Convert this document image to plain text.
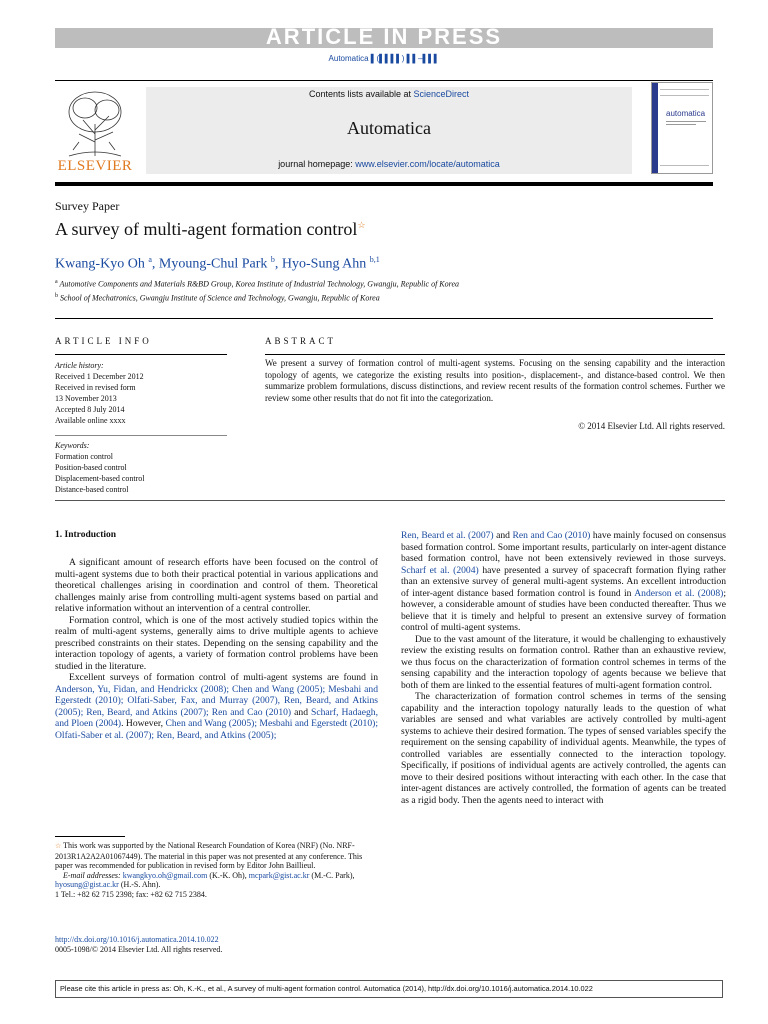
ARTICLE IN PRESS
Automatica ▌(▌▌▌▌) ▌▌–▌▌▌
ELSEVIER
Contents lists available at ScienceDirect
Automatica
journal homepage: www.elsevier.com/locate/automatica
automatica
Survey Paper
A survey of multi-agent formation control☆
Kwang-Kyo Oh $^a$, Myoung-Chul Park $^b$, Hyo-Sung Ahn $^{b,1}$
$^a$ Automotive Components and Materials R&BD Group, Korea Institute of Industrial Technology, Gwangju, Republic of Korea
$^b$ School of Mechatronics, Gwangju Institute of Science and Technology, Gwangju, Republic of Korea
ARTICLE INFO
Article history:
Received 1 December 2012
Received in revised form
13 November 2013
Accepted 8 July 2014
Available online xxxx
Keywords:
Formation control
Position-based control
Displacement-based control
Distance-based control
ABSTRACT
We present a survey of formation control of multi-agent systems. Focusing on the sensing capability and the interaction topology of agents, we categorize the existing results into position-, displacement-, and distance-based control. We then summarize problem formulations, discuss distinctions, and review recent results of the formation control schemes. Further we review some other results that do not fit into the categorization.
© 2014 Elsevier Ltd. All rights reserved.
1. Introduction

A significant amount of research efforts have been focused on the control of multi-agent systems due to both their practical potential in various applications and theoretical challenges arising in coordination and control of them. Theoretical challenges mainly arise from controlling multi-agent systems based on partial and relative information without an intervention of a central controller.

Formation control, which is one of the most actively studied topics within the realm of multi-agent systems, generally aims to drive multiple agents to achieve prescribed constraints on their states. Depending on the sensing capability and the interaction topology of agents, a variety of formation control problems have been studied in the literature.

Excellent surveys of formation control of multi-agent systems are found in Anderson, Yu, Fidan, and Hendrickx (2008); Chen and Wang (2005); Mesbahi and Egerstedt (2010); Olfati-Saber, Fax, and Murray (2007), Ren, Beard, and Atkins (2005); Ren, Beard, and Atkins (2007); Ren and Cao (2010) and Scharf, Hadaegh, and Ploen (2004). However, Chen and Wang (2005); Mesbahi and Egerstedt (2010); Olfati-Saber et al. (2007); Ren, Beard, and Atkins (2005);

☆ This work was supported by the National Research Foundation of Korea (NRF) (No. NRF-2013R1A2A2A01067449). The material in this paper was not presented at any conference. This paper was recommended for publication in revised form by Editor John Baillieul.
E-mail addresses: kwangkyo.oh@gmail.com (K.-K. Oh), mcpark@gist.ac.kr (M.-C. Park), hyosung@gist.ac.kr (H.-S. Ahn).
1 Tel.: +82 62 715 2398; fax: +82 62 715 2384.
http://dx.doi.org/10.1016/j.automatica.2014.10.022
0005-1098/© 2014 Elsevier Ltd. All rights reserved.

Ren, Beard et al. (2007) and Ren and Cao (2010) have mainly focused on consensus based formation control. Some important results, particularly on inter-agent distance based formation control, have not been extensively reviewed in those surveys. Scharf et al. (2004) have presented a survey of spacecraft formation flying rather than an extensive survey of general multi-agent systems. An excellent introduction of inter-agent distance based formation control is found in Anderson et al. (2008); however, a considerable amount of studies have been conducted thereafter. Thus we believe that it is timely and helpful to present an extensive survey of formation control of multi-agent systems.

Due to the vast amount of the literature, it would be challenging to exhaustively review the existing results on formation control. Rather than an exhaustive review, we thus focus on the characterization of formation control schemes in terms of the sensing capability and the interaction topology of agents because we believe that both of them are linked to the essential features of multi-agent formation control.

The characterization of formation control schemes in terms of the sensing capability and the interaction topology naturally leads to the question of what variables are sensed and what variables are actively controlled by multi-agent systems to achieve their desired formation. The types of sensed variables specify the requirement on the sensing capability of individual agents. Meanwhile, the types of controlled variables are essentially connected to the interaction topology. Specifically, if positions of individual agents are actively controlled, the agents can move to their desired positions without interacting with each other. In the case that inter-agent distances are actively controlled, the formation of agents can be treated as a rigid body. Then the agents need to interact with

Please cite this article in press as: Oh, K.-K., et al., A survey of multi-agent formation control. Automatica (2014), http://dx.doi.org/10.1016/j.automatica.2014.10.022
